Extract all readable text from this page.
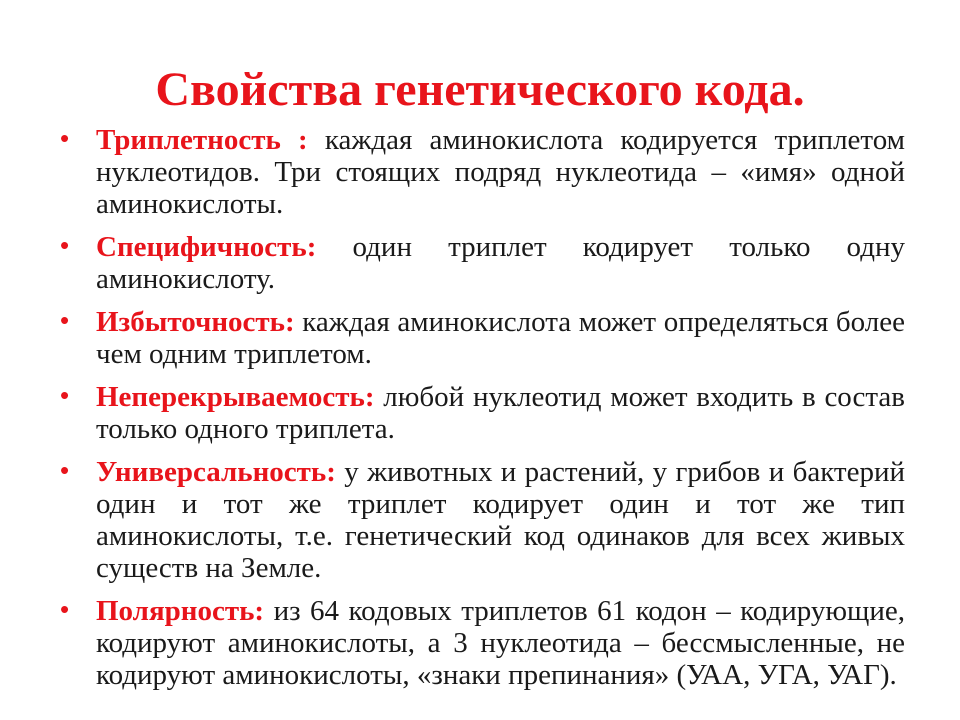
Свойства генетического кода.
• Триплетность : каждая аминокислота кодируется триплетом нуклеотидов. Три стоящих подряд нуклеотида – «имя» одной аминокислоты.
• Специфичность: один триплет кодирует только одну аминокислоту.
• Избыточность: каждая аминокислота может определяться более чем одним триплетом.
• Неперекрываемость: любой нуклеотид может входить в состав только одного триплета.
• Универсальность: у животных и растений, у грибов и бактерий один и тот же триплет кодирует один и тот же тип аминокислоты, т.е. генетический код одинаков для всех живых существ на Земле.
• Полярность: из 64 кодовых триплетов 61 кодон – кодирующие, кодируют аминокислоты, а 3 нуклеотида – бессмысленные, не кодируют аминокислоты, «знаки препинания» (УАА, УГА, УАГ).
